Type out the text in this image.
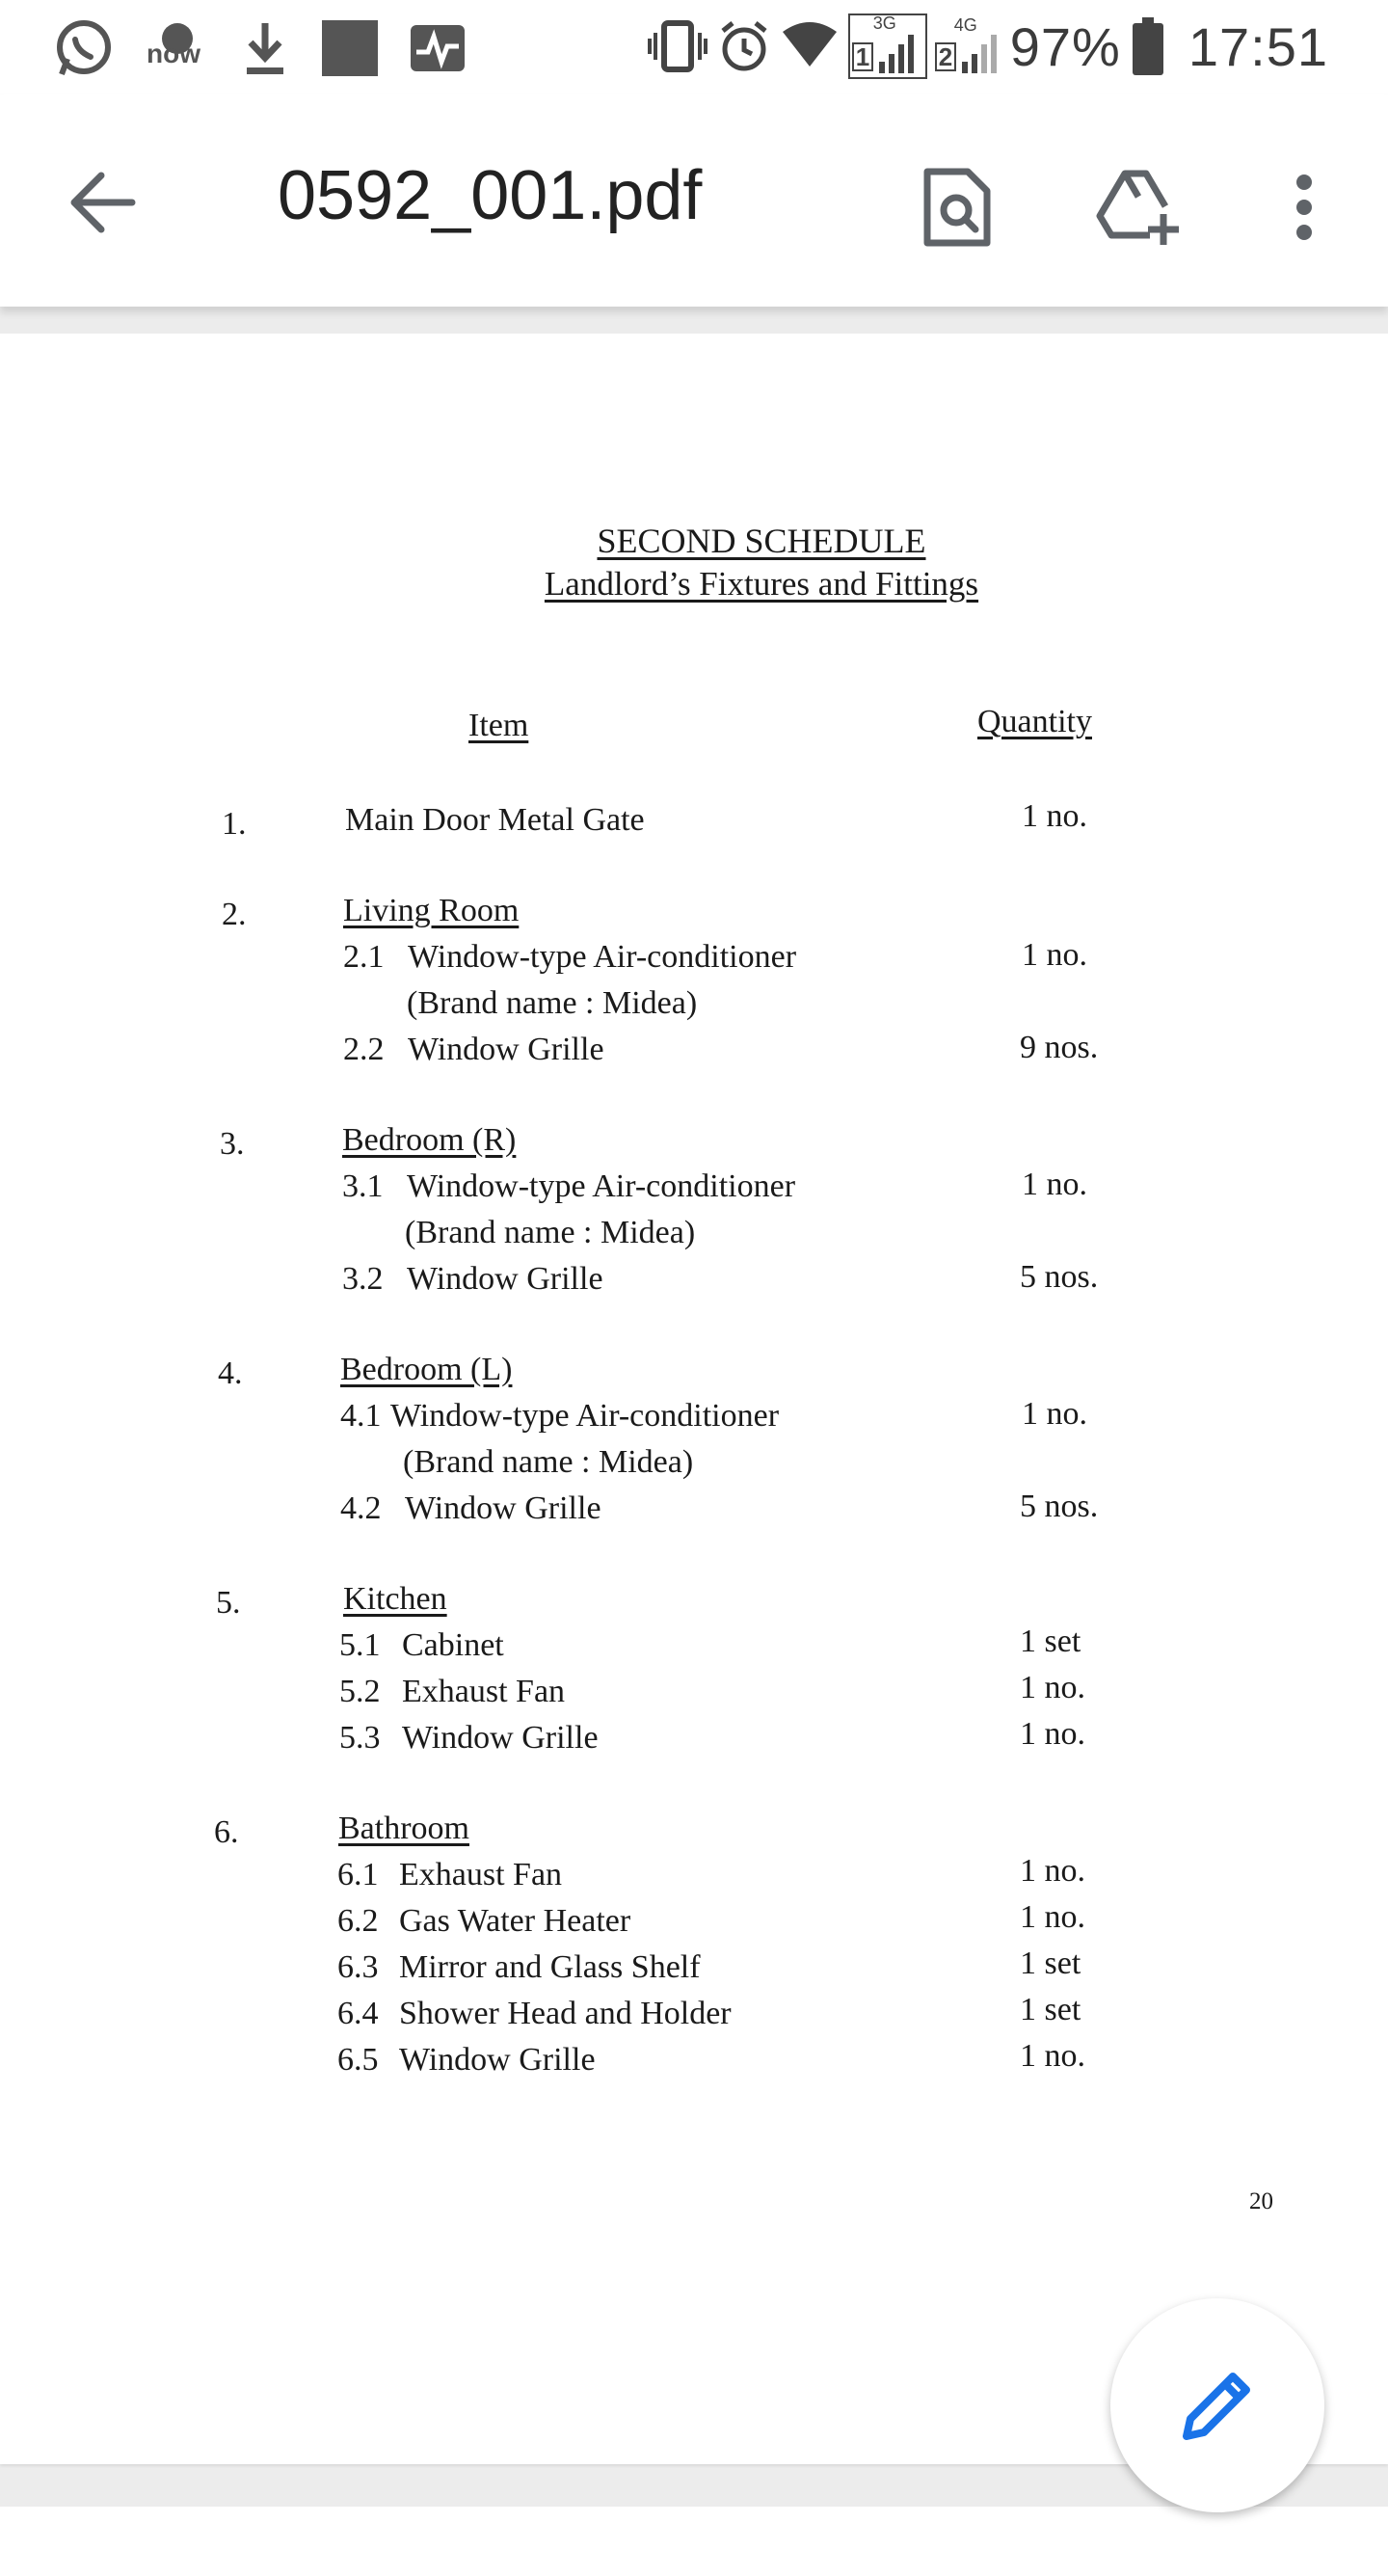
now
3G
1
4G
2 97% 17:51
0592_001.pdf
SECOND SCHEDULE
Landlord’s Fixtures and Fittings
Item	Quantity
1.	Main Door Metal Gate	1 no.
2.	Living Room
2.1 Window-type Air-conditioner	1 no.
(Brand name : Midea)
2.2 Window Grille	9 nos.
3.	Bedroom (R)
3.1 Window-type Air-conditioner	1 no.
(Brand name : Midea)
3.2 Window Grille	5 nos.
4.	Bedroom (L)
4.1 Window-type Air-conditioner	1 no.
(Brand name : Midea)
4.2 Window Grille	5 nos.
5.	Kitchen
5.1 Cabinet	1 set
5.2 Exhaust Fan	1 no.
5.3 Window Grille	1 no.
6.	Bathroom
6.1 Exhaust Fan	1 no.
6.2 Gas Water Heater	1 no.
6.3 Mirror and Glass Shelf	1 set
6.4 Shower Head and Holder	1 set
6.5 Window Grille	1 no.
20
